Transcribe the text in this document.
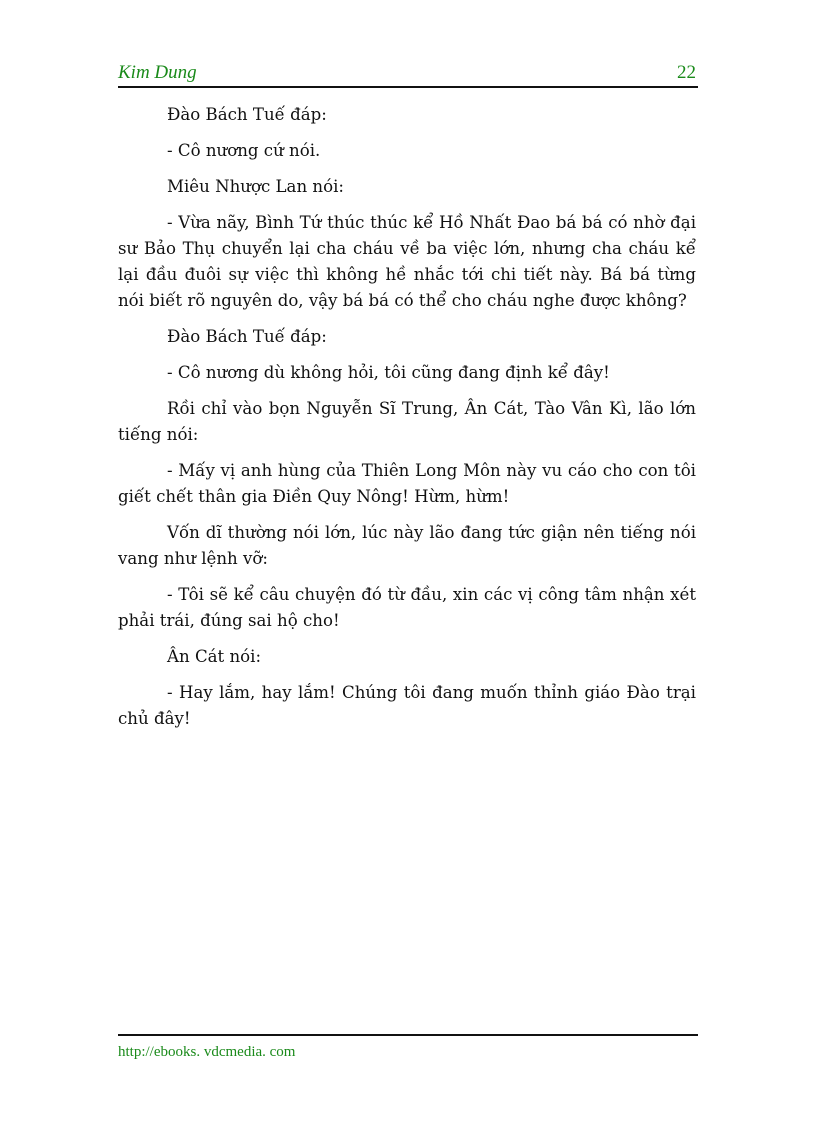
Kim Dung	22

Đào Bách Tuế đáp:

- Cô nương cứ nói.

Miêu Nhược Lan nói:

- Vừa nãy, Bình Tứ thúc thúc kể Hồ Nhất Đao bá bá có nhờ đại sư Bảo Thụ chuyển lại cha cháu về ba việc lớn, nhưng cha cháu kể lại đầu đuôi sự việc thì không hề nhắc tới chi tiết này. Bá bá từng nói biết rõ nguyên do, vậy bá bá có thể cho cháu nghe được không?

Đào Bách Tuế đáp:

- Cô nương dù không hỏi, tôi cũng đang định kể đây!

Rồi chỉ vào bọn Nguyễn Sĩ Trung, Ân Cát, Tào Vân Kì, lão lớn tiếng nói:

- Mấy vị anh hùng của Thiên Long Môn này vu cáo cho con tôi giết chết thân gia Điền Quy Nông! Hừm, hừm!

Vốn dĩ thường nói lớn, lúc này lão đang tức giận nên tiếng nói vang như lệnh vỡ:

- Tôi sẽ kể câu chuyện đó từ đầu, xin các vị công tâm nhận xét phải trái, đúng sai hộ cho!

Ân Cát nói:

- Hay lắm, hay lắm! Chúng tôi đang muốn thỉnh giáo Đào trại chủ đây!

http://ebooks. vdcmedia. com
